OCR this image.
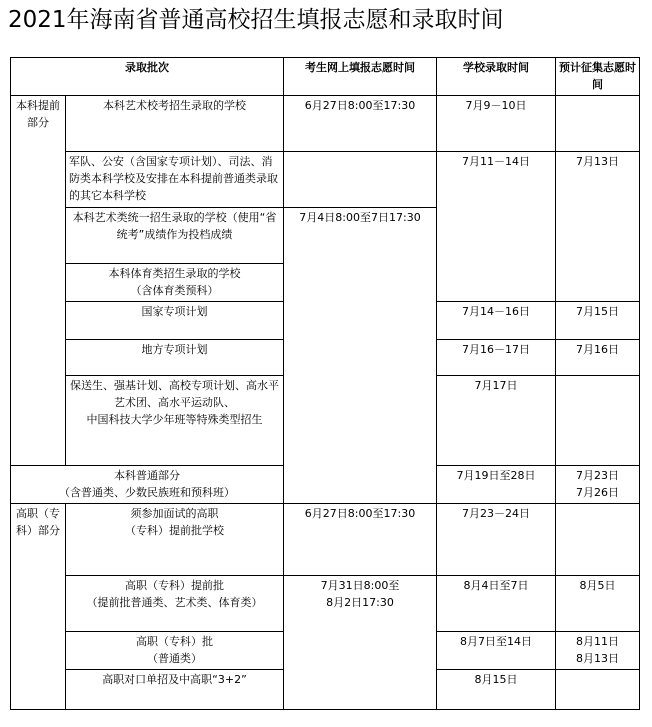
2021年海南省普通高校招生填报志愿和录取时间
录取批次		考生网上填报志愿时间	学校录取时间	预计征集志愿时间
本科提前部分	本科艺术校考招生录取的学校	6月27日8:00至17:30	7月9－10日	
	军队、公安（含国家专项计划）、司法、消防类本科学校及安排在本科提前普通类录取的其它本科学校		7月11－14日	7月13日
	本科艺术类统一招生录取的学校（使用“省统考”成绩作为投档成绩	7月4日8:00至7日17:30		

	本科体育类招生录取的学校
（含体育类预科）			

	国家专项计划		7月14－16日	7月15日
	地方专项计划		7月16－17日	7月16日

	保送生、强基计划、高校专项计划、高水平艺术团、高水平运动队、
中国科技大学少年班等特殊类型招生		7月17日	

本科普通部分
（含普通类、少数民族班和预科班）			7月19日至28日	7月23日
7月26日

高职（专科）部分	须参加面试的高职
（专科）提前批学校	6月27日8:00至17:30	7月23－24日	

	高职（专科）提前批
（提前批普通类、艺术类、体育类）	7月31日8:00至
8月2日17:30	8月4日至7日	8月5日

	高职（专科）批
（普通类）		8月7日至14日	8月11日
8月13日

	高职对口单招及中高职“3+2”		8月15日	
